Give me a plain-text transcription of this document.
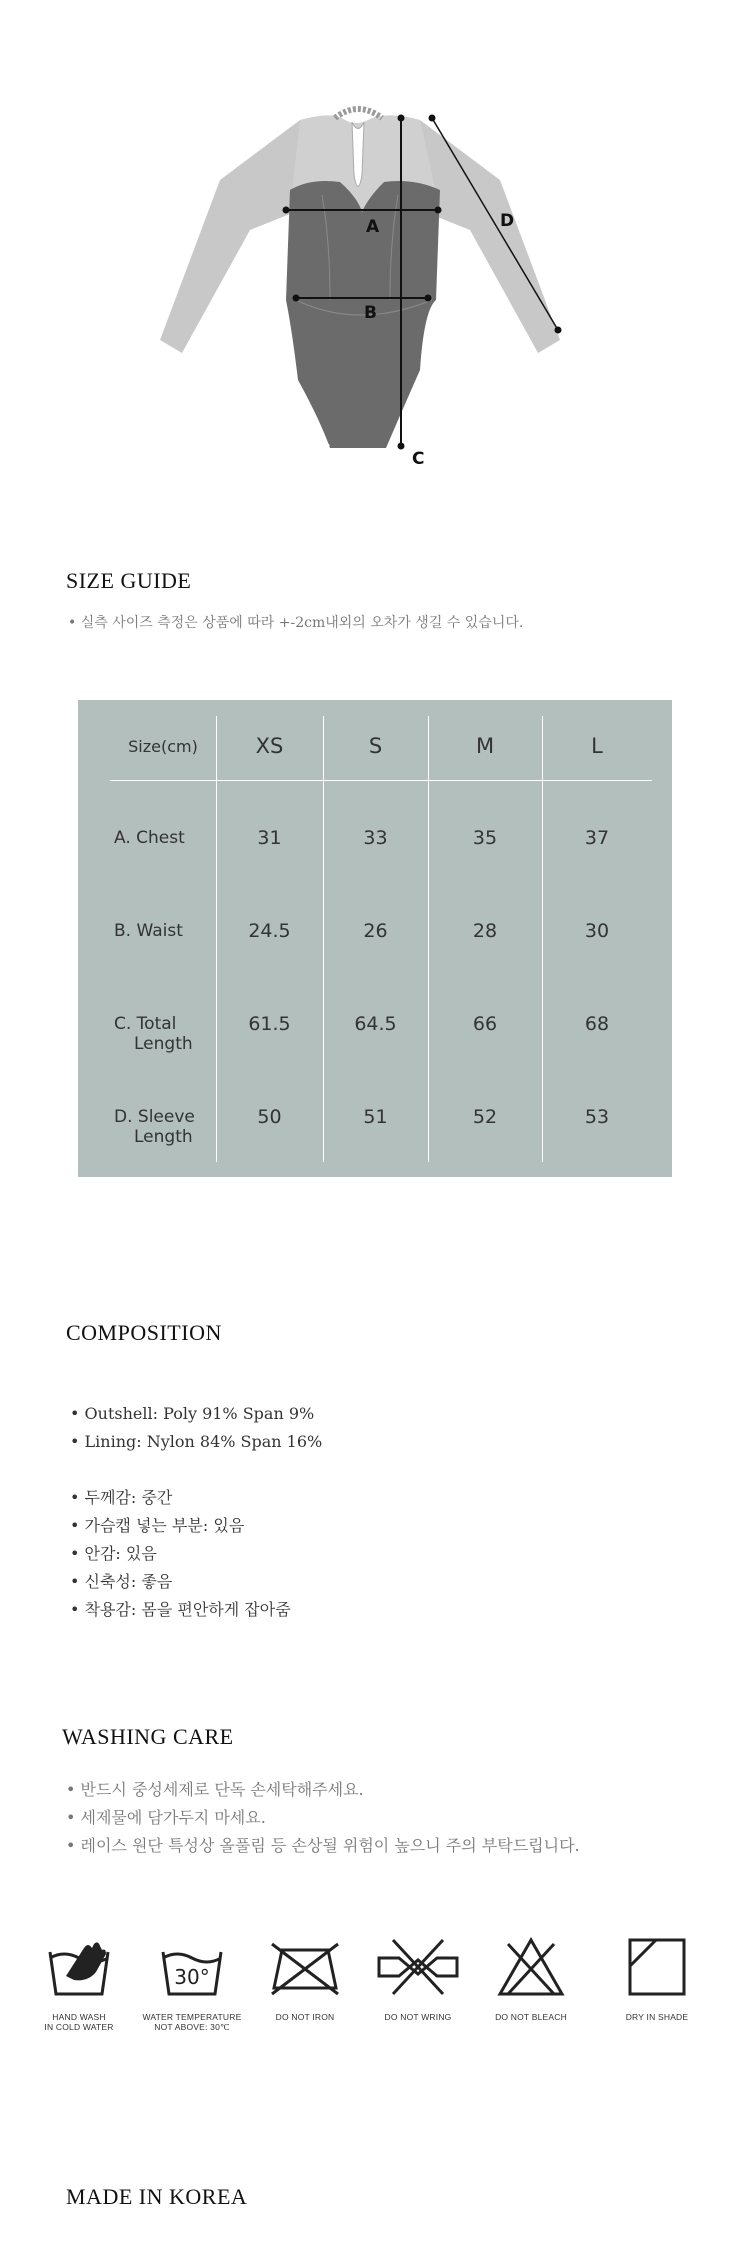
A
B
C
D
SIZE GUIDE
• 실측 사이즈 측정은 상품에 따라 +-2cm내외의 오차가 생길 수 있습니다.
Size(cm)	XS	S	M	L
A. Chest	31	33	35	37
B. Waist	24.5	26	28	30
C. Total
Length
61.5	64.5	66	68
D. Sleeve
Length
50	51	52	53
COMPOSITION
• Outshell: Poly 91% Span 9%
• Lining: Nylon 84% Span 16%
• 두께감: 중간
• 가슴캡 넣는 부분: 있음
• 안감: 있음
• 신축성: 좋음
• 착용감: 몸을 편안하게 잡아줌
WASHING CARE
• 반드시 중성세제로 단독 손세탁해주세요.
• 세제물에 담가두지 마세요.
• 레이스 원단 특성상 올풀림 등 손상될 위험이 높으니 주의 부탁드립니다.
HAND WASH
IN COLD WATER
30°
WATER TEMPERATURE
NOT ABOVE: 30℃
DO NOT IRON	DO NOT WRING	DO NOT BLEACH	DRY IN SHADE
MADE IN KOREA
